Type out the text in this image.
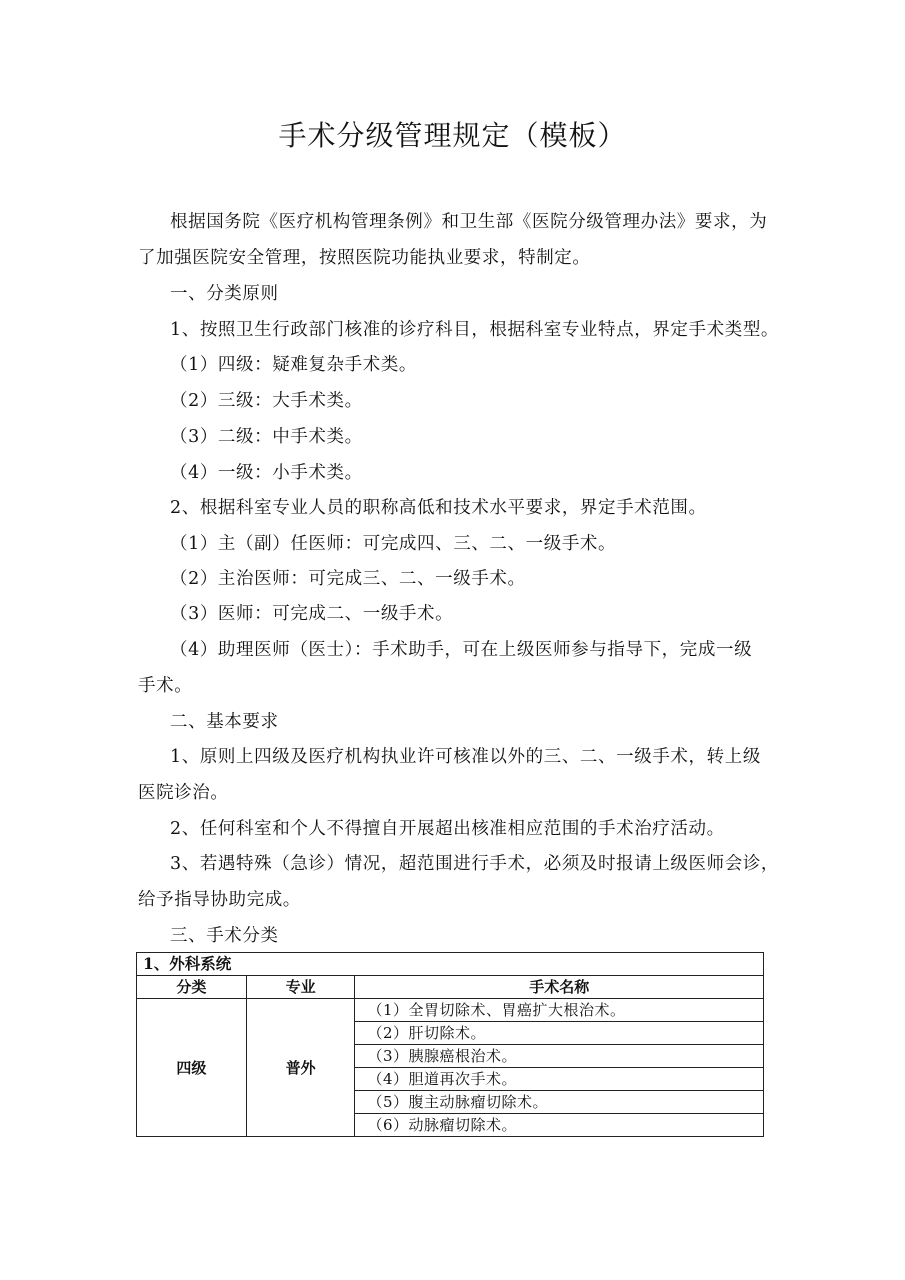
手术分级管理规定（模板）
根据国务院《医疗机构管理条例》和卫生部《医院分级管理办法》要求，为
了加强医院安全管理，按照医院功能执业要求，特制定。
一、分类原则
1、按照卫生行政部门核准的诊疗科目，根据科室专业特点，界定手术类型。
（1）四级：疑难复杂手术类。
（2）三级：大手术类。
（3）二级：中手术类。
（4）一级：小手术类。
2、根据科室专业人员的职称高低和技术水平要求，界定手术范围。
（1）主（副）任医师：可完成四、三、二、一级手术。
（2）主治医师：可完成三、二、一级手术。
（3）医师：可完成二、一级手术。
（4）助理医师（医士）：手术助手，可在上级医师参与指导下，完成一级
手术。
二、基本要求
1、原则上四级及医疗机构执业许可核准以外的三、二、一级手术，转上级
医院诊治。
2、任何科室和个人不得擅自开展超出核准相应范围的手术治疗活动。
3、若遇特殊（急诊）情况，超范围进行手术，必须及时报请上级医师会诊，
给予指导协助完成。
三、手术分类
1、外科系统		
分类	专业	手术名称
四级	普外	（1）全胃切除术、胃癌扩大根治术。
		（2）肝切除术。
		（3）胰腺癌根治术。
		（4）胆道再次手术。
		（5）腹主动脉瘤切除术。
		（6）动脉瘤切除术。
